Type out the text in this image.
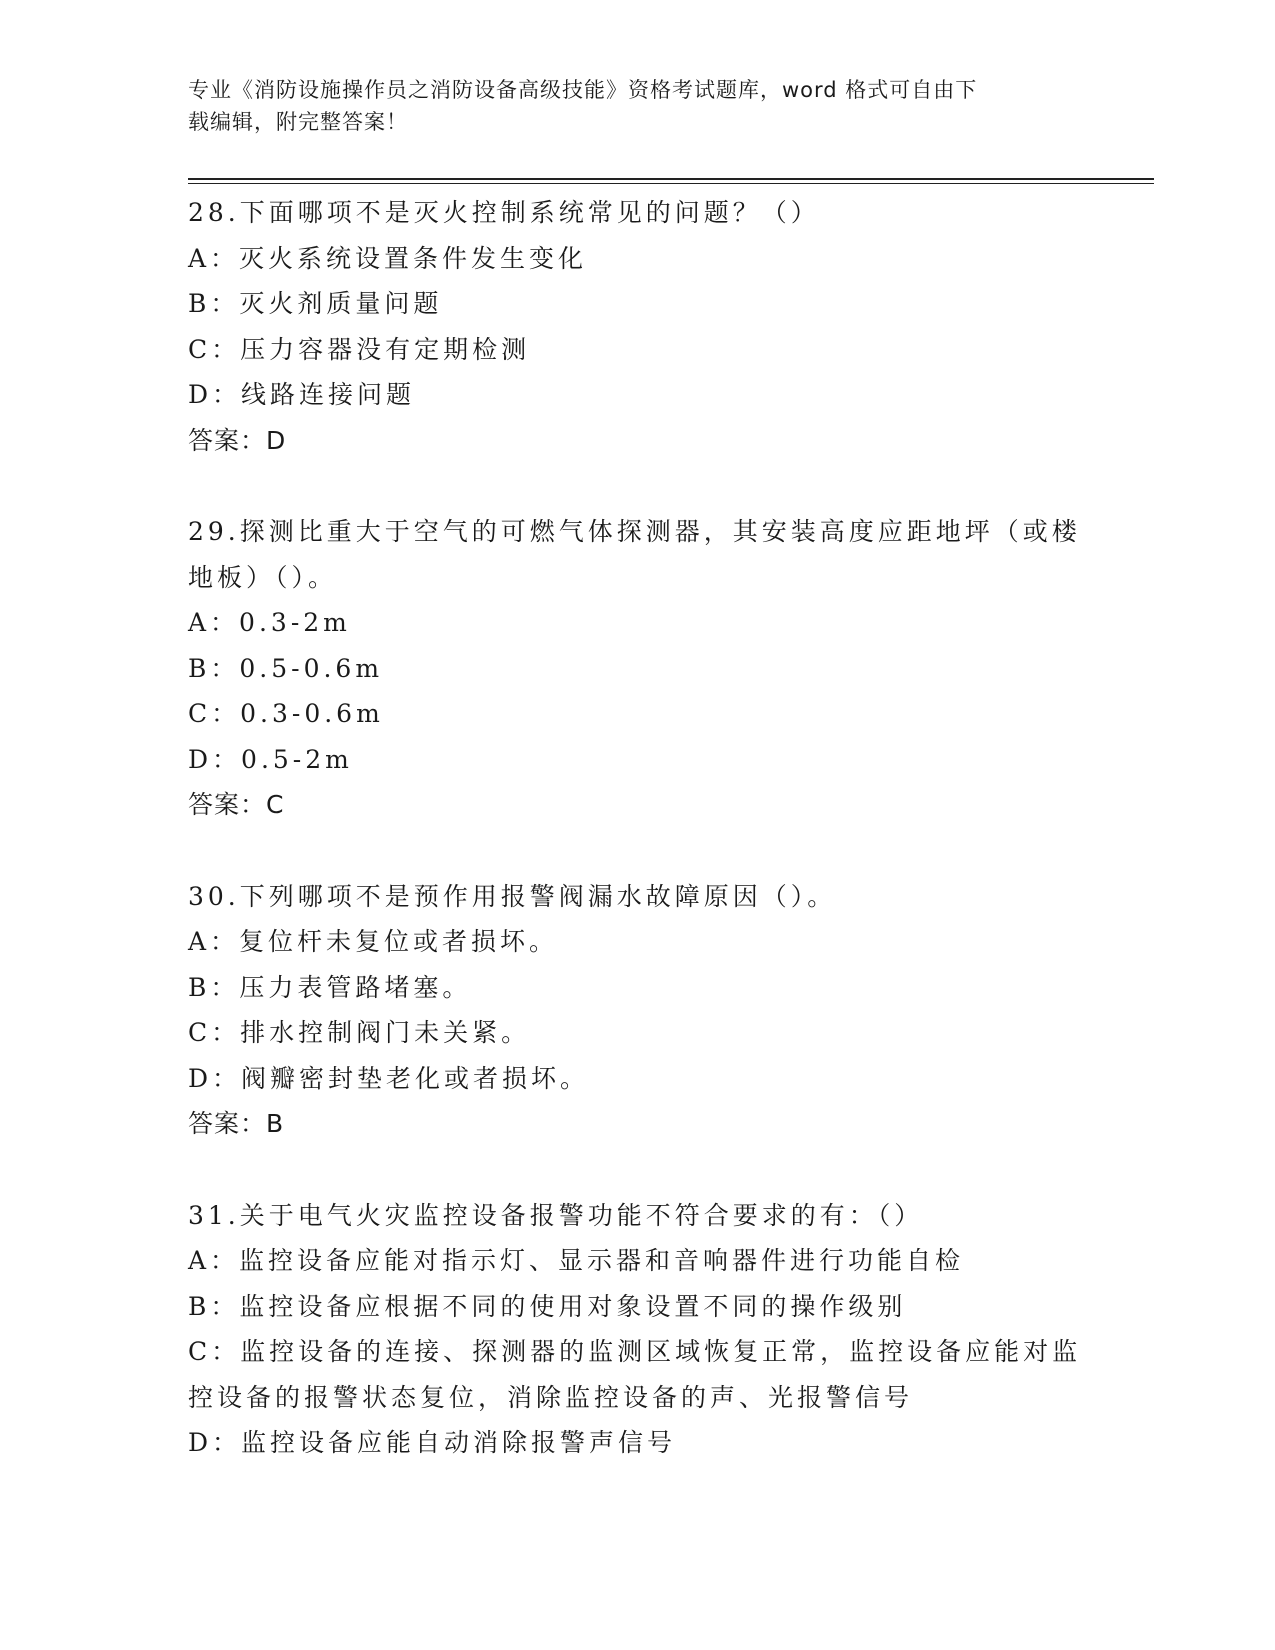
专业《消防设施操作员之消防设备高级技能》资格考试题库，word 格式可自由下
载编辑，附完整答案！
28.下面哪项不是灭火控制系统常见的问题？（）
A：灭火系统设置条件发生变化
B：灭火剂质量问题
C：压力容器没有定期检测
D：线路连接问题
答案：D
29.探测比重大于空气的可燃气体探测器，其安装高度应距地坪（或楼
地板）（）。
A：0.3-2m
B：0.5-0.6m
C：0.3-0.6m
D：0.5-2m
答案：C
30.下列哪项不是预作用报警阀漏水故障原因（）。
A：复位杆未复位或者损坏。
B：压力表管路堵塞。
C：排水控制阀门未关紧。
D：阀瓣密封垫老化或者损坏。
答案：B
31.关于电气火灾监控设备报警功能不符合要求的有：（）
A：监控设备应能对指示灯、显示器和音响器件进行功能自检
B：监控设备应根据不同的使用对象设置不同的操作级别
C：监控设备的连接、探测器的监测区域恢复正常，监控设备应能对监
控设备的报警状态复位，消除监控设备的声、光报警信号
D：监控设备应能自动消除报警声信号
